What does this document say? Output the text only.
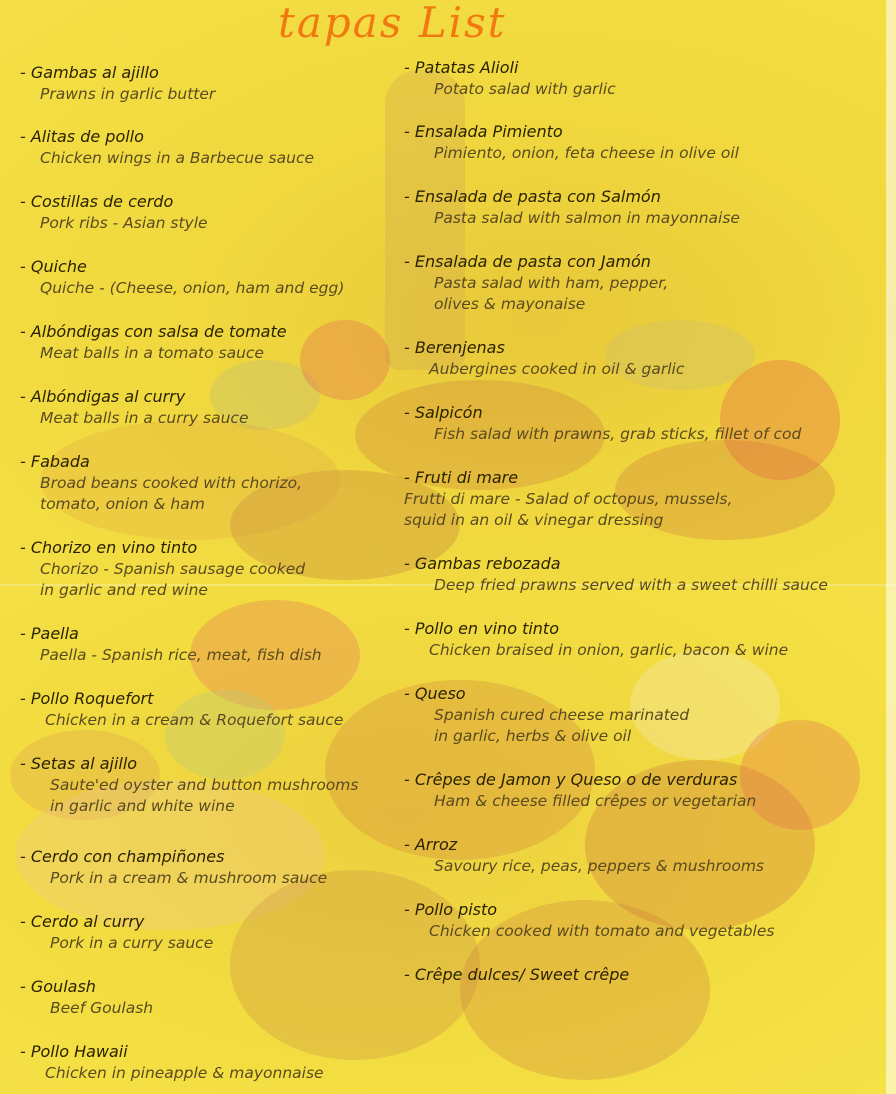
tapas List
- Gambas al ajillo
Prawns in garlic butter
- Alitas de pollo
Chicken wings in a Barbecue sauce
- Costillas de cerdo
Pork ribs - Asian style
- Quiche
Quiche - (Cheese, onion, ham and egg)
- Albóndigas con salsa de tomate
Meat balls in a tomato sauce
- Albóndigas al curry
Meat balls in a curry sauce
- Fabada
Broad beans cooked with chorizo,
tomato, onion & ham
- Chorizo en vino tinto
Chorizo - Spanish sausage cooked
in garlic and red wine
- Paella
Paella - Spanish rice, meat, fish dish
- Pollo Roquefort
Chicken in a cream & Roquefort sauce
- Setas al ajillo
Saute'ed oyster and button mushrooms
in garlic and white wine
- Cerdo con champiñones
Pork in a cream & mushroom sauce
- Cerdo al curry
Pork in a curry sauce
- Goulash
Beef Goulash
- Pollo Hawaii
Chicken in pineapple & mayonnaise
- Patatas Alioli
Potato salad with garlic
- Ensalada Pimiento
Pimiento, onion, feta cheese in olive oil
- Ensalada de pasta con Salmón
Pasta salad with salmon in mayonnaise
- Ensalada de pasta con Jamón
Pasta salad with ham, pepper,
olives & mayonaise
- Berenjenas
Aubergines cooked in oil & garlic
- Salpicón
Fish salad with prawns, grab sticks, fillet of cod
- Fruti di mare
Frutti di mare - Salad of octopus, mussels,
squid in an oil & vinegar dressing
- Gambas rebozada
Deep fried prawns served with a sweet chilli sauce
- Pollo en vino tinto
Chicken braised in onion, garlic, bacon & wine
- Queso
Spanish cured cheese marinated
in garlic, herbs & olive oil
- Crêpes de Jamon y Queso o de verduras
Ham & cheese filled crêpes or vegetarian
- Arroz
Savoury rice, peas, peppers & mushrooms
- Pollo pisto
Chicken cooked with tomato and vegetables
- Crêpe dulces/ Sweet crêpe
